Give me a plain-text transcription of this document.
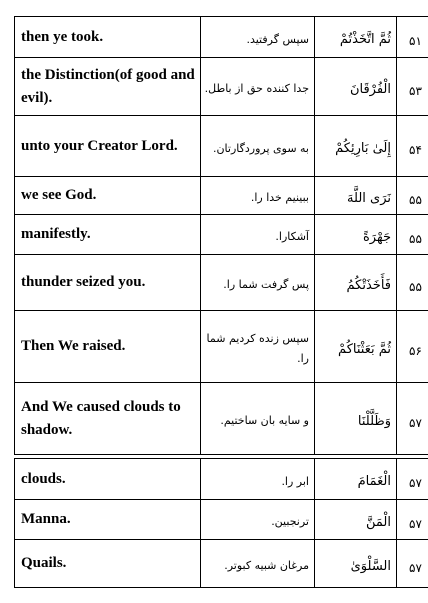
then ye took.	سپس گرفتید.	ثُمَّ اتَّخَذْتُمْ	۵۱
the Distinction(of good and evil).	جدا کننده حق از باطل.	الْفُرْقَانَ	۵۳
unto your Creator Lord.	به سوی پروردگارتان.	إِلَىٰ بَارِئِكُمْ	۵۴
we see God.	ببینیم خدا را.	نَرَى اللَّهَ	۵۵
manifestly.	آشکارا.	جَهْرَةً	۵۵
thunder seized you.	پس گرفت شما را.	فَأَخَذَتْكُمُ	۵۵
Then We raised.	سپس زنده کردیم شما را.	ثُمَّ بَعَثْنَاكُمْ	۵۶
And We caused clouds to shadow.	و سایه بان ساختیم.	وَظَلَّلْنَا	۵۷
clouds.	ابر را.	الْغَمَامَ	۵۷
Manna.	ترنجبین.	الْمَنَّ	۵۷
Quails.	مرغان شبیه کبوتر.	السَّلْوَىٰ	۵۷
